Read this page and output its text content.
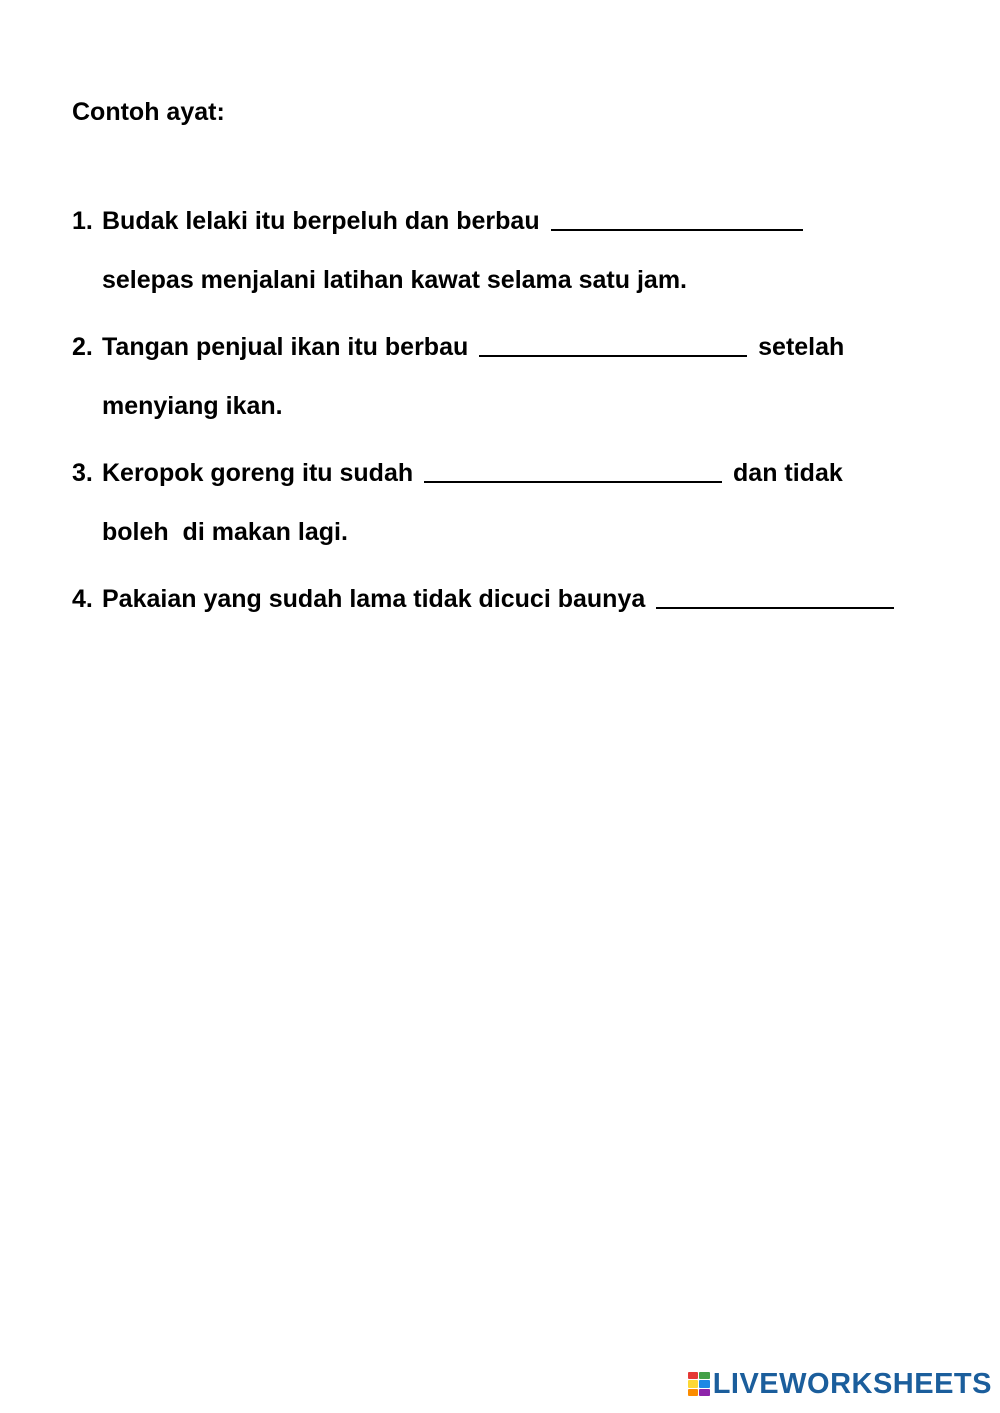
Contoh ayat:
1. Budak lelaki itu berpeluh dan berbau
selepas menjalani latihan kawat selama satu jam.
2. Tangan penjual ikan itu berbau	setelah
menyiang ikan.
3. Keropok goreng itu sudah	dan tidak
boleh  di makan lagi.
4. Pakaian yang sudah lama tidak dicuci baunya
LIVEWORKSHEETS
